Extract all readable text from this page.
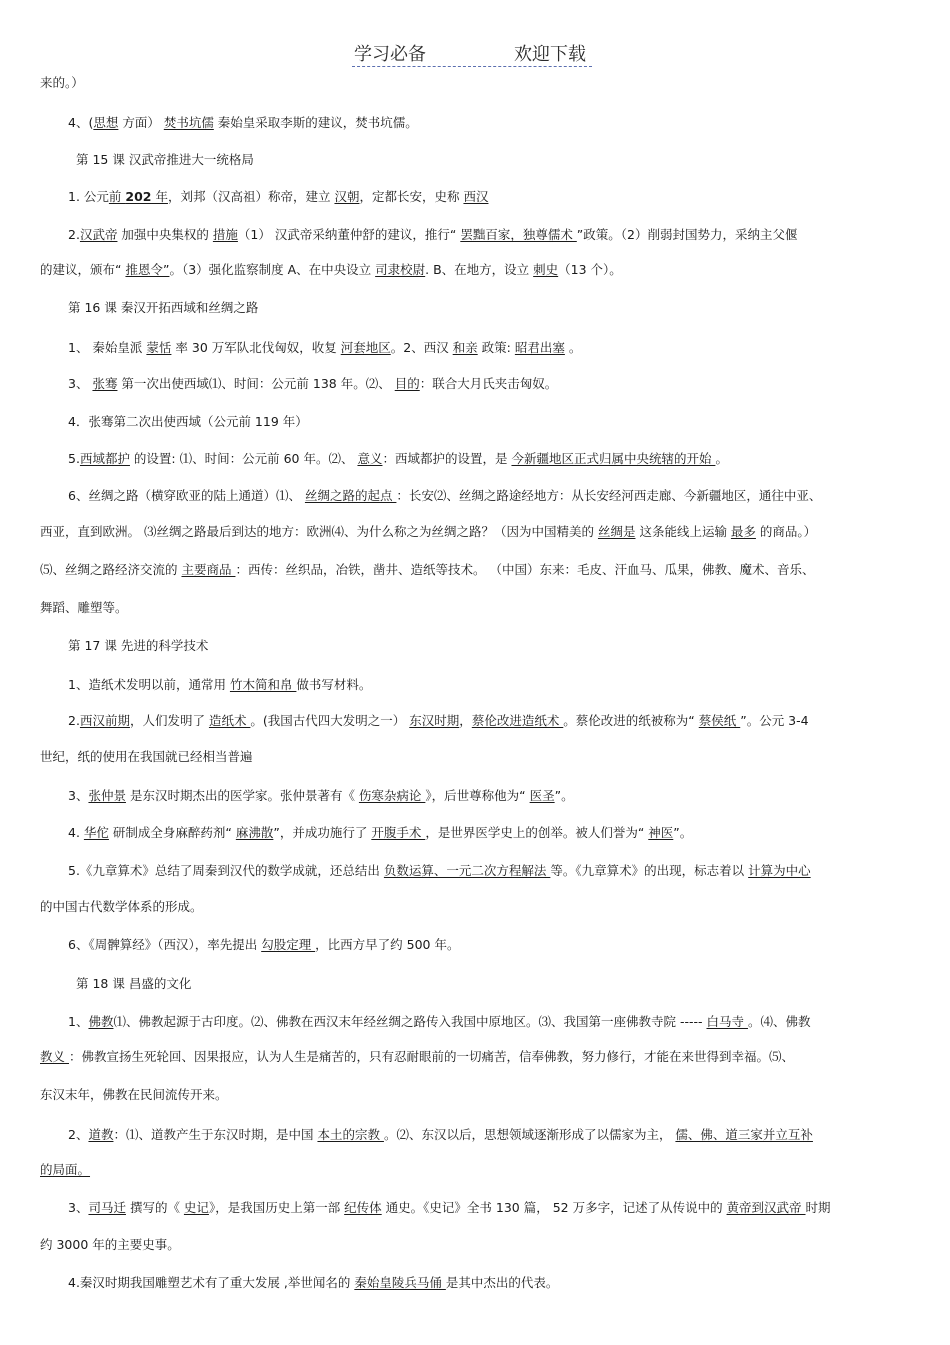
学习必备	欢迎下载
来的。）
4、(思想 方面） 焚书坑儒 秦始皇采取李斯的建议，焚书坑儒。
第 15 课 汉武帝推进大一统格局
1. 公元前 202 年，刘邦（汉高祖）称帝，建立 汉朝，定都长安，史称 西汉
2.汉武帝 加强中央集权的 措施（1） 汉武帝采纳董仲舒的建议，推行“ 罢黜百家，独尊儒术 ”政策。（2）削弱封国势力，采纳主父偃
的建议，颁布“ 推恩令”。（3）强化监察制度 A、在中央设立 司隶校尉. B、在地方，设立 刺史（13 个）。
第 16 课 秦汉开拓西域和丝绸之路
1、 秦始皇派 蒙恬 率 30 万军队北伐匈奴，收复 河套地区。2、西汉 和亲 政策: 昭君出塞 。
3、 张骞 第一次出使西域⑴、时间：公元前 138 年。⑵、 目的：联合大月氏夹击匈奴。
4．张骞第二次出使西域（公元前 119 年）
5.西域都护 的设置: ⑴、时间：公元前 60 年。⑵、 意义：西域都护的设置，是 今新疆地区正式归属中央统辖的开始 。
6、丝绸之路（横穿欧亚的陆上通道）⑴、 丝绸之路的起点 ：长安⑵、丝绸之路途经地方：从长安经河西走廊、今新疆地区，通往中亚、
西亚，直到欧洲。 ⑶丝绸之路最后到达的地方：欧洲⑷、为什么称之为丝绸之路？（因为中国精美的 丝绸是 这条能线上运输 最多 的商品。）
⑸、丝绸之路经济交流的 主要商品 ：西传：丝织品，冶铁，凿井、造纸等技术。 （中国）东来：毛皮、汗血马、瓜果，佛教、魔术、音乐、
舞蹈、雕塑等。
第 17 课 先进的科学技术
1、造纸术发明以前，通常用 竹木简和帛 做书写材料。
2.西汉前期，人们发明了 造纸术 。(我国古代四大发明之一） 东汉时期，蔡伦改进造纸术 。蔡伦改进的纸被称为“ 蔡侯纸 ”。公元 3-4
世纪，纸的使用在我国就已经相当普遍
3、张仲景 是东汉时期杰出的医学家。张仲景著有《 伤寒杂病论 》，后世尊称他为“ 医圣”。
4. 华佗 研制成全身麻醉药剂“ 麻沸散”，并成功施行了 开腹手术 ，是世界医学史上的创举。被人们誉为“ 神医”。
5.《九章算术》总结了周秦到汉代的数学成就，还总结出 负数运算、一元二次方程解法 等。《九章算术》的出现，标志着以 计算为中心
的中国古代数学体系的形成。
6、《周髀算经》（西汉），率先提出 勾股定理 ，比西方早了约 500 年。
第 18 课 昌盛的文化
1、佛教⑴、佛教起源于古印度。⑵、佛教在西汉末年经丝绸之路传入我国中原地区。⑶、我国第一座佛教寺院 ----- 白马寺 。⑷、佛教
教义 ：佛教宣扬生死轮回、因果报应，认为人生是痛苦的，只有忍耐眼前的一切痛苦，信奉佛教，努力修行，才能在来世得到幸福。⑸、
东汉末年，佛教在民间流传开来。
2、道教：⑴、道教产生于东汉时期，是中国 本土的宗教 。⑵、东汉以后，思想领域逐渐形成了以儒家为主， 儒、佛、道三家并立互补
的局面。
3、司马迁 撰写的《 史记》，是我国历史上第一部 纪传体 通史。《史记》全书 130 篇， 52 万多字，记述了从传说中的 黄帝到汉武帝 时期
约 3000 年的主要史事。
4.秦汉时期我国雕塑艺术有了重大发展 ,举世闻名的 秦始皇陵兵马俑 是其中杰出的代表。
